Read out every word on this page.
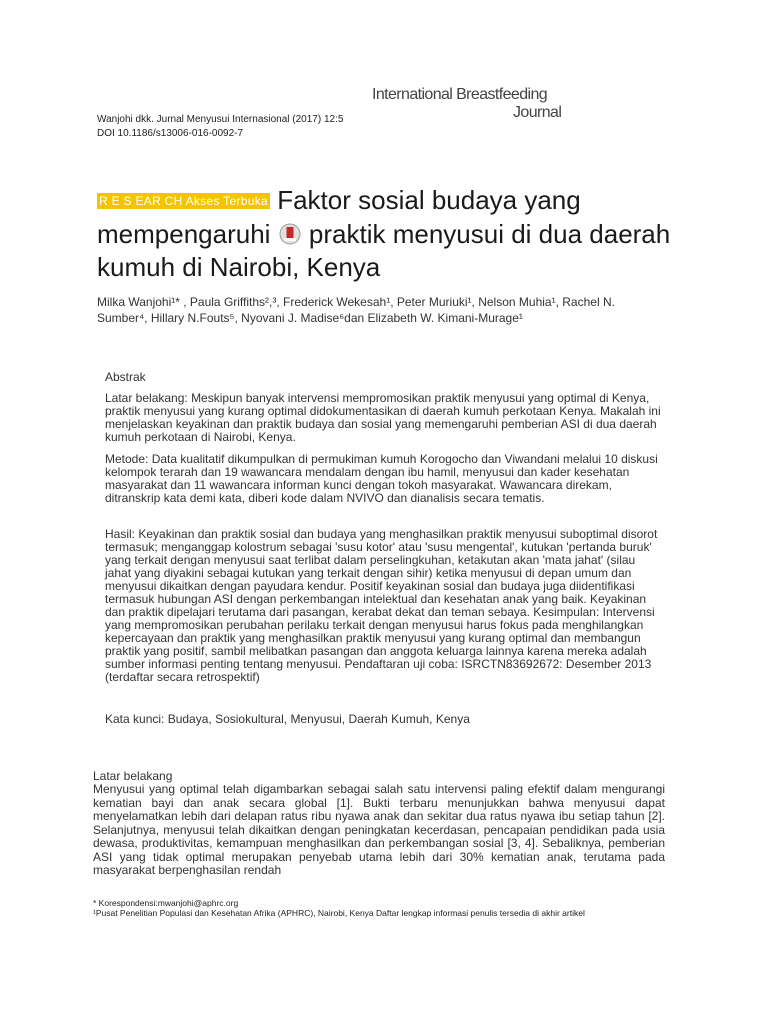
International Breastfeeding
Journal
Wanjohi dkk. Jurnal Menyusui Internasional (2017) 12:5
DOI 10.1186/s13006-016-0092-7
R E S EAR CH Akses Terbuka Faktor sosial budaya yang mempengaruhi praktik menyusui di dua daerah kumuh di Nairobi, Kenya
Milka Wanjohi¹* , Paula Griffiths²,³, Frederick Wekesah¹, Peter Muriuki¹, Nelson Muhia¹, Rachel N. Sumber⁴, Hillary N.Fouts⁵, Nyovani J. Madise⁶dan Elizabeth W. Kimani-Murage¹
Abstrak
Latar belakang: Meskipun banyak intervensi mempromosikan praktik menyusui yang optimal di Kenya, praktik menyusui yang kurang optimal didokumentasikan di daerah kumuh perkotaan Kenya. Makalah ini menjelaskan keyakinan dan praktik budaya dan sosial yang memengaruhi pemberian ASI di dua daerah kumuh perkotaan di Nairobi, Kenya.
Metode: Data kualitatif dikumpulkan di permukiman kumuh Korogocho dan Viwandani melalui 10 diskusi kelompok terarah dan 19 wawancara mendalam dengan ibu hamil, menyusui dan kader kesehatan masyarakat dan 11 wawancara informan kunci dengan tokoh masyarakat. Wawancara direkam, ditranskrip kata demi kata, diberi kode dalam NVIVO dan dianalisis secara tematis.
Hasil: Keyakinan dan praktik sosial dan budaya yang menghasilkan praktik menyusui suboptimal disorot termasuk; menganggap kolostrum sebagai 'susu kotor' atau 'susu mengental', kutukan 'pertanda buruk' yang terkait dengan menyusui saat terlibat dalam perselingkuhan, ketakutan akan 'mata jahat' (silau jahat yang diyakini sebagai kutukan yang terkait dengan sihir) ketika menyusui di depan umum dan menyusui dikaitkan dengan payudara kendur. Positif keyakinan sosial dan budaya juga diidentifikasi termasuk hubungan ASI dengan perkembangan intelektual dan kesehatan anak yang baik. Keyakinan dan praktik dipelajari terutama dari pasangan, kerabat dekat dan teman sebaya. Kesimpulan: Intervensi yang mempromosikan perubahan perilaku terkait dengan menyusui harus fokus pada menghilangkan kepercayaan dan praktik yang menghasilkan praktik menyusui yang kurang optimal dan membangun praktik yang positif, sambil melibatkan pasangan dan anggota keluarga lainnya karena mereka adalah sumber informasi penting tentang menyusui. Pendaftaran uji coba: ISRCTN83692672: Desember 2013 (terdaftar secara retrospektif)
Kata kunci: Budaya, Sosiokultural, Menyusui, Daerah Kumuh, Kenya
Latar belakang
Menyusui yang optimal telah digambarkan sebagai salah satu intervensi paling efektif dalam mengurangi kematian bayi dan anak secara global [1]. Bukti terbaru menunjukkan bahwa menyusui dapat menyelamatkan lebih dari delapan ratus ribu nyawa anak dan sekitar dua ratus nyawa ibu setiap tahun [2]. Selanjutnya, menyusui telah dikaitkan dengan peningkatan kecerdasan, pencapaian pendidikan pada usia dewasa, produktivitas, kemampuan menghasilkan dan perkembangan sosial [3, 4]. Sebaliknya, pemberian ASI yang tidak optimal merupakan penyebab utama lebih dari 30% kematian anak, terutama pada masyarakat berpenghasilan rendah
* Korespondensi:mwanjohi@aphrc.org
¹Pusat Penelitian Populasi dan Kesehatan Afrika (APHRC), Nairobi, Kenya Daftar lengkap informasi penulis tersedia di akhir artikel
